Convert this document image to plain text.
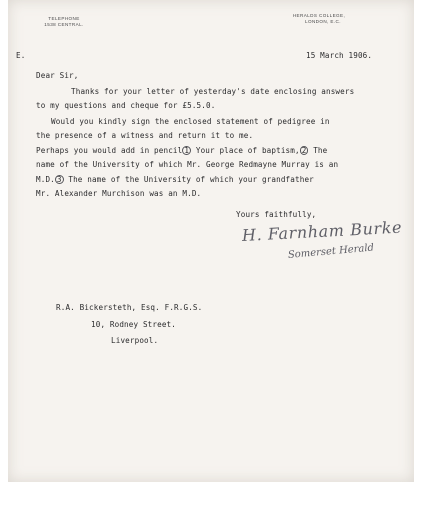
TELEPHONE
1538 CENTRAL.
HERALDS COLLEGE,
LONDON, E.C.
E.	15 March 1906.
Dear Sir,
Thanks for your letter of yesterday's date enclosing answers
to my questions and cheque for £5.5.0.
Would you kindly sign the enclosed statement of pedigree in
the presence of a witness and return it to me.
Perhaps you would add in pencil 1 Your place of baptism, 2 The
name of the University of which Mr. George Redmayne Murray is an
M.D. 3 The name of the University of which your grandfather
Mr. Alexander Murchison was an M.D.
Yours faithfully,
H. Farnham Burke
Somerset Herald
R.A. Bickersteth, Esq. F.R.G.S.
10, Rodney Street.
Liverpool.
